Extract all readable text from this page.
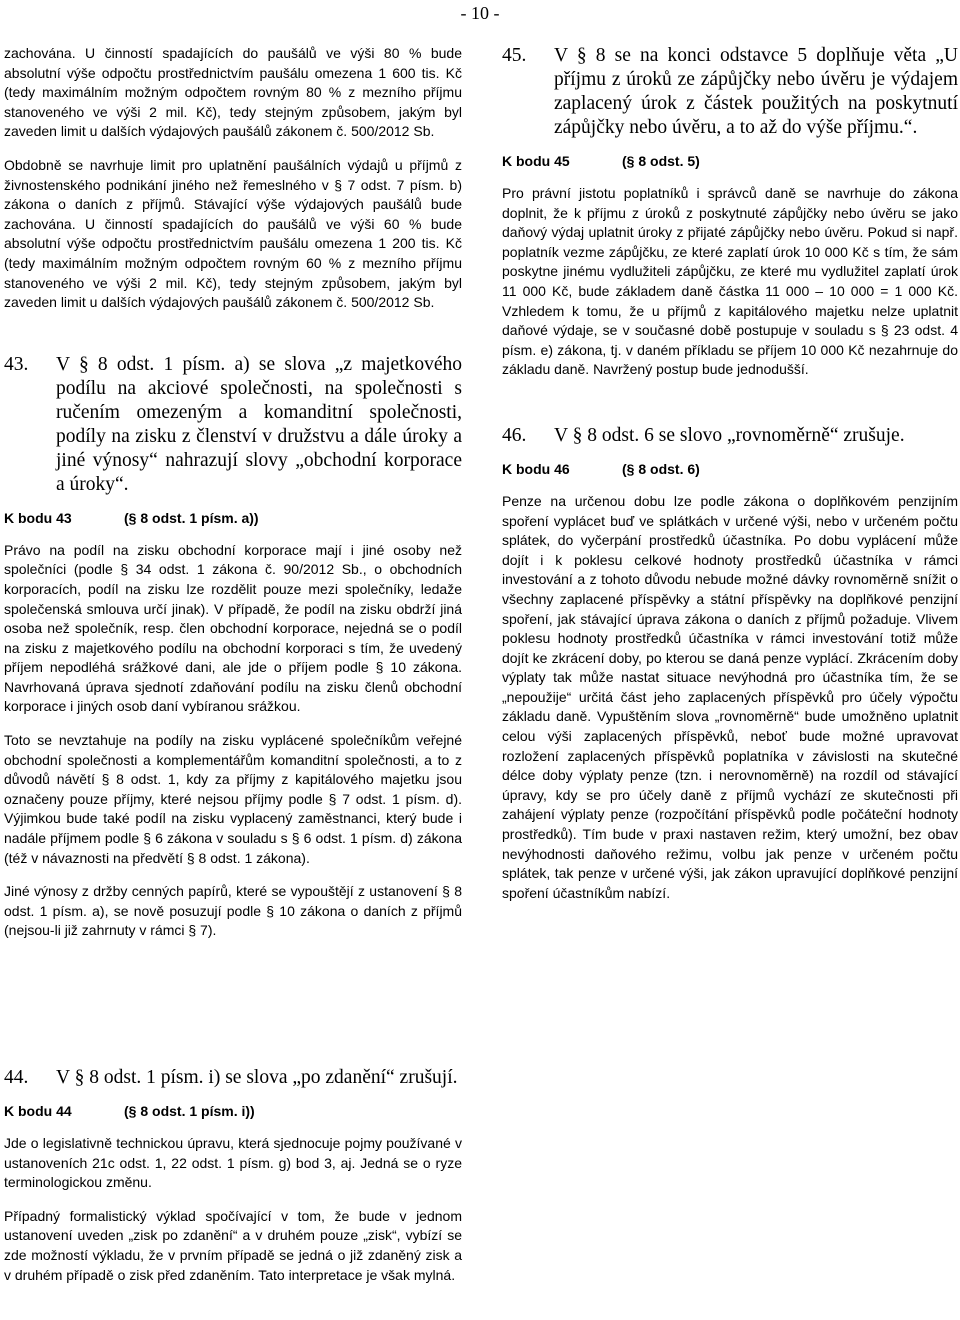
- 10 -

zachována. U činností spadajících do paušálů ve výši 80 % bude absolutní výše odpočtu prostřednictvím paušálu omezena 1 600 tis. Kč (tedy maximálním možným odpočtem rovným 80 % z mezního příjmu stanoveného ve výši 2 mil. Kč), tedy stejným způsobem, jakým byl zaveden limit u dalších výdajových paušálů zákonem č. 500/2012 Sb.

Obdobně se navrhuje limit pro uplatnění paušálních výdajů u příjmů z živnostenského podnikání jiného než řemeslného v § 7 odst. 7 písm. b) zákona o daních z příjmů. Stávající výše výdajových paušálů bude zachována. U činností spadajících do paušálů ve výši 60 % bude absolutní výše odpočtu prostřednictvím paušálu omezena 1 200 tis. Kč (tedy maximálním možným odpočtem rovným 60 % z mezního příjmu stanoveného ve výši 2 mil. Kč), tedy stejným způsobem, jakým byl zaveden limit u dalších výdajových paušálů zákonem č. 500/2012 Sb.

43.	V § 8 odst. 1 písm. a) se slova „z majetkového podílu na akciové společnosti, na společnosti s ručením omezeným a komanditní společnosti, podíly na zisku z členství v družstvu a dále úroky a jiné výnosy“ nahrazují slovy „obchodní korporace a úroky“.
K bodu 43	(§ 8 odst. 1 písm. a))

Právo na podíl na zisku obchodní korporace mají i jiné osoby než společníci (podle § 34 odst. 1 zákona č. 90/2012 Sb., o obchodních korporacích, podíl na zisku lze rozdělit pouze mezi společníky, ledaže společenská smlouva určí jinak). V případě, že podíl na zisku obdrží jiná osoba než společník, resp. člen obchodní korporace, nejedná se o podíl na zisku z majetkového podílu na obchodní korporaci s tím, že uvedený příjem nepodléhá srážkové dani, ale jde o příjem podle § 10 zákona. Navrhovaná úprava sjednotí zdaňování podílu na zisku členů obchodní korporace i jiných osob daní vybíranou srážkou.

Toto se nevztahuje na podíly na zisku vyplácené společníkům veřejné obchodní společnosti a komplementářům komanditní společnosti, a to z důvodů návětí § 8 odst. 1, kdy za příjmy z kapitálového majetku jsou označeny pouze příjmy, které nejsou příjmy podle § 7 odst. 1 písm. d). Výjimkou bude také podíl na zisku vyplacený zaměstnanci, který bude i nadále příjmem podle § 6 zákona v souladu s § 6 odst. 1 písm. d) zákona (též v návaznosti na předvětí § 8 odst. 1 zákona).

Jiné výnosy z držby cenných papírů, které se vypouštějí z ustanovení § 8 odst. 1 písm. a), se nově posuzují podle § 10 zákona o daních z příjmů (nejsou-li již zahrnuty v rámci § 7).

45.	V § 8 se na konci odstavce 5 doplňuje věta „U příjmu z úroků ze zápůjčky nebo úvěru je výdajem zaplacený úrok z částek použitých na poskytnutí zápůjčky nebo úvěru, a to až do výše příjmu.“.
K bodu 45	(§ 8 odst. 5)

Pro právní jistotu poplatníků i správců daně se navrhuje do zákona doplnit, že k příjmu z úroků z poskytnuté zápůjčky nebo úvěru se jako daňový výdaj uplatnit úroky z přijaté zápůjčky nebo úvěru. Pokud si např. poplatník vezme zápůjčku, ze které zaplatí úrok 10 000 Kč s tím, že sám poskytne jinému vydlužiteli zápůjčku, ze které mu vydlužitel zaplatí úrok 11 000 Kč, bude základem daně částka 11 000 – 10 000 = 1 000 Kč. Vzhledem k tomu, že u příjmů z kapitálového majetku nelze uplatnit daňové výdaje, se v současné době postupuje v souladu s § 23 odst. 4 písm. e) zákona, tj. v daném příkladu se příjem 10 000 Kč nezahrnuje do základu daně. Navržený postup bude jednodušší.

46.	V § 8 odst. 6 se slovo „rovnoměrně“ zrušuje.
K bodu 46	(§ 8 odst. 6)

Penze na určenou dobu lze podle zákona o doplňkovém penzijním spoření vyplácet buď ve splátkách v určené výši, nebo v určeném počtu splátek, do vyčerpání prostředků účastníka. Po dobu vyplácení může dojít i k poklesu celkové hodnoty prostředků účastníka v rámci investování a z tohoto důvodu nebude možné dávky rovnoměrně snížit o všechny zaplacené příspěvky a státní příspěvky na doplňkové penzijní spoření, jak stávající úprava zákona o daních z příjmů požaduje. Vlivem poklesu hodnoty prostředků účastníka v rámci investování totiž může dojít ke zkrácení doby, po kterou se daná penze vyplácí. Zkrácením doby výplaty tak může nastat situace nevýhodná pro účastníka tím, že se „nepoužije“ určitá část jeho zaplacených příspěvků pro účely výpočtu základu daně. Vypuštěním slova „rovnoměrně“ bude umožněno uplatnit celou výši zaplacených příspěvků, neboť bude možné upravovat rozložení zaplacených příspěvků poplatníka v závislosti na skutečné délce doby výplaty penze (tzn. i nerovnoměrně) na rozdíl od stávající úpravy, kdy se pro účely daně z příjmů vychází ze skutečnosti při zahájení výplaty penze (rozpočítání příspěvků podle počáteční hodnoty prostředků). Tím bude v praxi nastaven režim, který umožní, bez obav nevýhodnosti daňového režimu, volbu jak penze v určeném počtu splátek, tak penze v určené výši, jak zákon upravující doplňkové penzijní spoření účastníkům nabízí.

44.	V § 8 odst. 1 písm. i) se slova „po zdanění“ zrušují.
K bodu 44	(§ 8 odst. 1 písm. i))

Jde o legislativně technickou úpravu, která sjednocuje pojmy používané v ustanoveních 21c odst. 1, 22 odst. 1 písm. g) bod 3, aj. Jedná se o ryze terminologickou změnu.

Případný formalistický výklad spočívající v tom, že bude v jednom ustanovení uveden „zisk po zdanění“ a v druhém pouze „zisk“, vybízí se zde možností výkladu, že v prvním případě se jedná o již zdaněný zisk a v druhém případě o zisk před zdaněním. Tato interpretace je však mylná.
